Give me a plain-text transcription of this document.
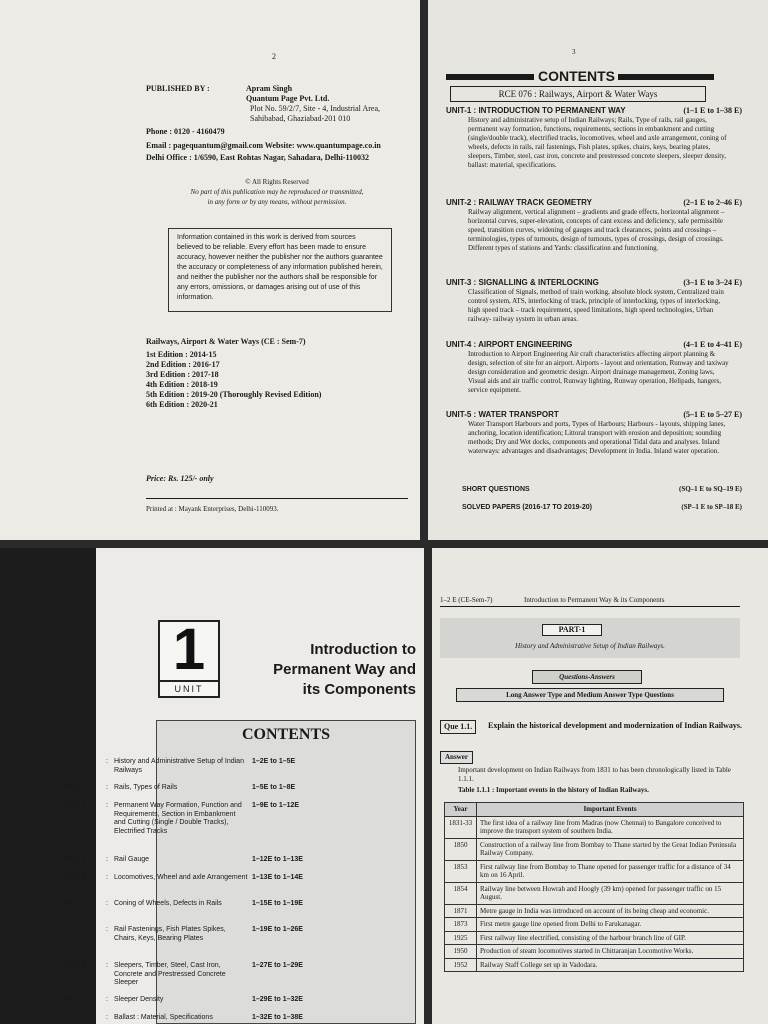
2
PUBLISHED BY :	Apram Singh
Quantum Page Pvt. Ltd.
Plot No. 59/2/7, Site - 4, Industrial Area,
Sahibabad, Ghaziabad-201 010
Phone : 0120 - 4160479
Email : pagequantum@gmail.com Website: www.quantumpage.co.in
Delhi Office : 1/6590, East Rohtas Nagar, Sahadara, Delhi-110032
© All Rights Reserved
No part of this publication may be reproduced or transmitted,
in any form or by any means, without permission.
Information contained in this work is derived from sources believed to be reliable. Every effort has been made to ensure accuracy, however neither the publisher nor the authors guarantee the accuracy or completeness of any information published herein, and neither the publisher nor the authors shall be responsible for any errors, omissions, or damages arising out of use of this information.
Railways, Airport & Water Ways (CE : Sem-7)
1st Edition : 2014-15
2nd Edition : 2016-17
3rd Edition : 2017-18
4th Edition : 2018-19
5th Edition : 2019-20 (Thoroughly Revised Edition)
6th Edition : 2020-21
Price: Rs. 125/- only
Printed at : Mayank Enterprises, Delhi-110093.
3
CONTENTS
RCE 076 : Railways, Airport & Water Ways
UNIT-1 : INTRODUCTION TO PERMANENT WAY	(1–1 E to 1–38 E)
History and administrative setup of Indian Railways; Rails, Type of rails, rail gauges, permanent way formation, functions, requirements, sections in embankment and cutting (single/double track), electrified tracks, locomotives, wheel and axle arrangement, coning of wheels, defects in rails, rail fastenings, Fish plates, spikes, chairs, keys, bearing plates, sleepers, Timber, steel, cast iron, concrete and prestressed concrete sleepers, sleeper density, ballast: material, specifications.
UNIT-2 : RAILWAY TRACK GEOMETRY	(2–1 E to 2–46 E)
Railway alignment, vertical alignment – gradients and grade effects, horizontal alignment – horizontal curves, super-elevation, concepts of cant excess and deficiency, safe permissible speed, transition curves, widening of gauges and track clearances, points and crossings – terminologies, types of turnouts, design of turnouts, types of crossings, design of crossings. Different types of stations and Yards: classification and functioning.
UNIT-3 : SIGNALLING & INTERLOCKING	(3–1 E to 3–24 E)
Classification of Signals, method of train working, absolute block system, Centralized train control system, ATS, interlocking of track, principle of interlocking, types of interlocking, high speed track – track requirement, speed limitations, high speed technologies, Urban railway- railway system in urban areas.
UNIT-4 : AIRPORT ENGINEERING	(4–1 E to 4–41 E)
Introduction to Airport Engineering Air craft characteristics affecting airport planning & design, selection of site for an airport. Airports - layout and orientation, Runway and taxiway design consideration and geometric design. Airport drainage management, Zoning laws, Visual aids and air traffic control, Runway lighting, Runway operation, Helipads, hangers, service equipment.
UNIT-5 : WATER TRANSPORT	(5–1 E to 5–27 E)
Water Transport Harbours and ports, Types of Harbours; Harbours - layouts, shipping lanes, anchoring, location identification; Littoral transport with erosion and deposition; sounding methods; Dry and Wet docks, components and operational Tidal data and analyses. Inland waterways: advantages and disadvantages; Development in India. Inland water operation.
SHORT QUESTIONS	(SQ–1 E to SQ–19 E)
SOLVED PAPERS (2016-17 TO 2019-20)	(SP–1 E to SP–18 E)
1
UNIT
Introduction to
Permanent Way and
its Components
CONTENTS
Part-1	: History and Administrative Setup of Indian Railways
1–2E to 1–5E
Part-2	: Rails, Types of Rails	1–5E to 1–8E
Part-3	: Permanent Way Formation, Function and Requirements, Section in Embankment and Cutting (Single / Double Tracks), Electrified Tracks
1–9E to 1–12E
Part-4	: Rail Gauge	1–12E to 1–13E
Part-5	: Locomotives, Wheel and axle Arrangement 1–13E to 1–14E
Part-6	: Coning of Wheels, Defects in Rails	1–15E to 1–19E
Part-7	: Rail Fastenings, Fish Plates Spikes, Chairs, Keys, Bearing Plates
1–19E to 1–26E
Part-8	: Sleepers, Timber, Steel, Cast Iron, Concrete and Prestressed Concrete Sleeper
1–27E to 1–29E
Part-9	: Sleeper Density	1–29E to 1–32E
Part-10	: Ballast : Material, Specifications	1–32E to 1–38E
1–2 E (CE-Sem-7)	Introduction to Permanent Way & its Components
PART-1
History and Administrative Setup of Indian Railways.
Questions-Answers
Long Answer Type and Medium Answer Type Questions
Que 1.1.	Explain the historical development and modernization of Indian Railways.
Answer
Important development on Indian Railways from 1831 to has been chronologically listed in Table 1.1.1.
Table 1.1.1 : Important events in the history of Indian Railways.
Year	Important Events
1831-33	The first idea of a railway line from Madras (now Chennai) to Bangalore conceived to improve the transport system of southern India.
1850	Construction of a railway line from Bombay to Thane started by the Great Indian Peninsula Railway Company.
1853	First railway line from Bombay to Thane opened for passenger traffic for a distance of 34 km on 16 April.
1854	Railway line between Howrah and Hoogly (39 km) opened for passenger traffic on 15 August.
1871	Metre gauge in India was introduced on account of its being cheap and economic.
1873	First metre gauge line opened from Delhi to Farukanagar.
1925	First railway line electrified, consisting of the harbour branch line of GIP.
1950	Production of steam locomotives started in Chittaranjan Locomotive Works.
1952	Railway Staff College set up in Vadodara.
